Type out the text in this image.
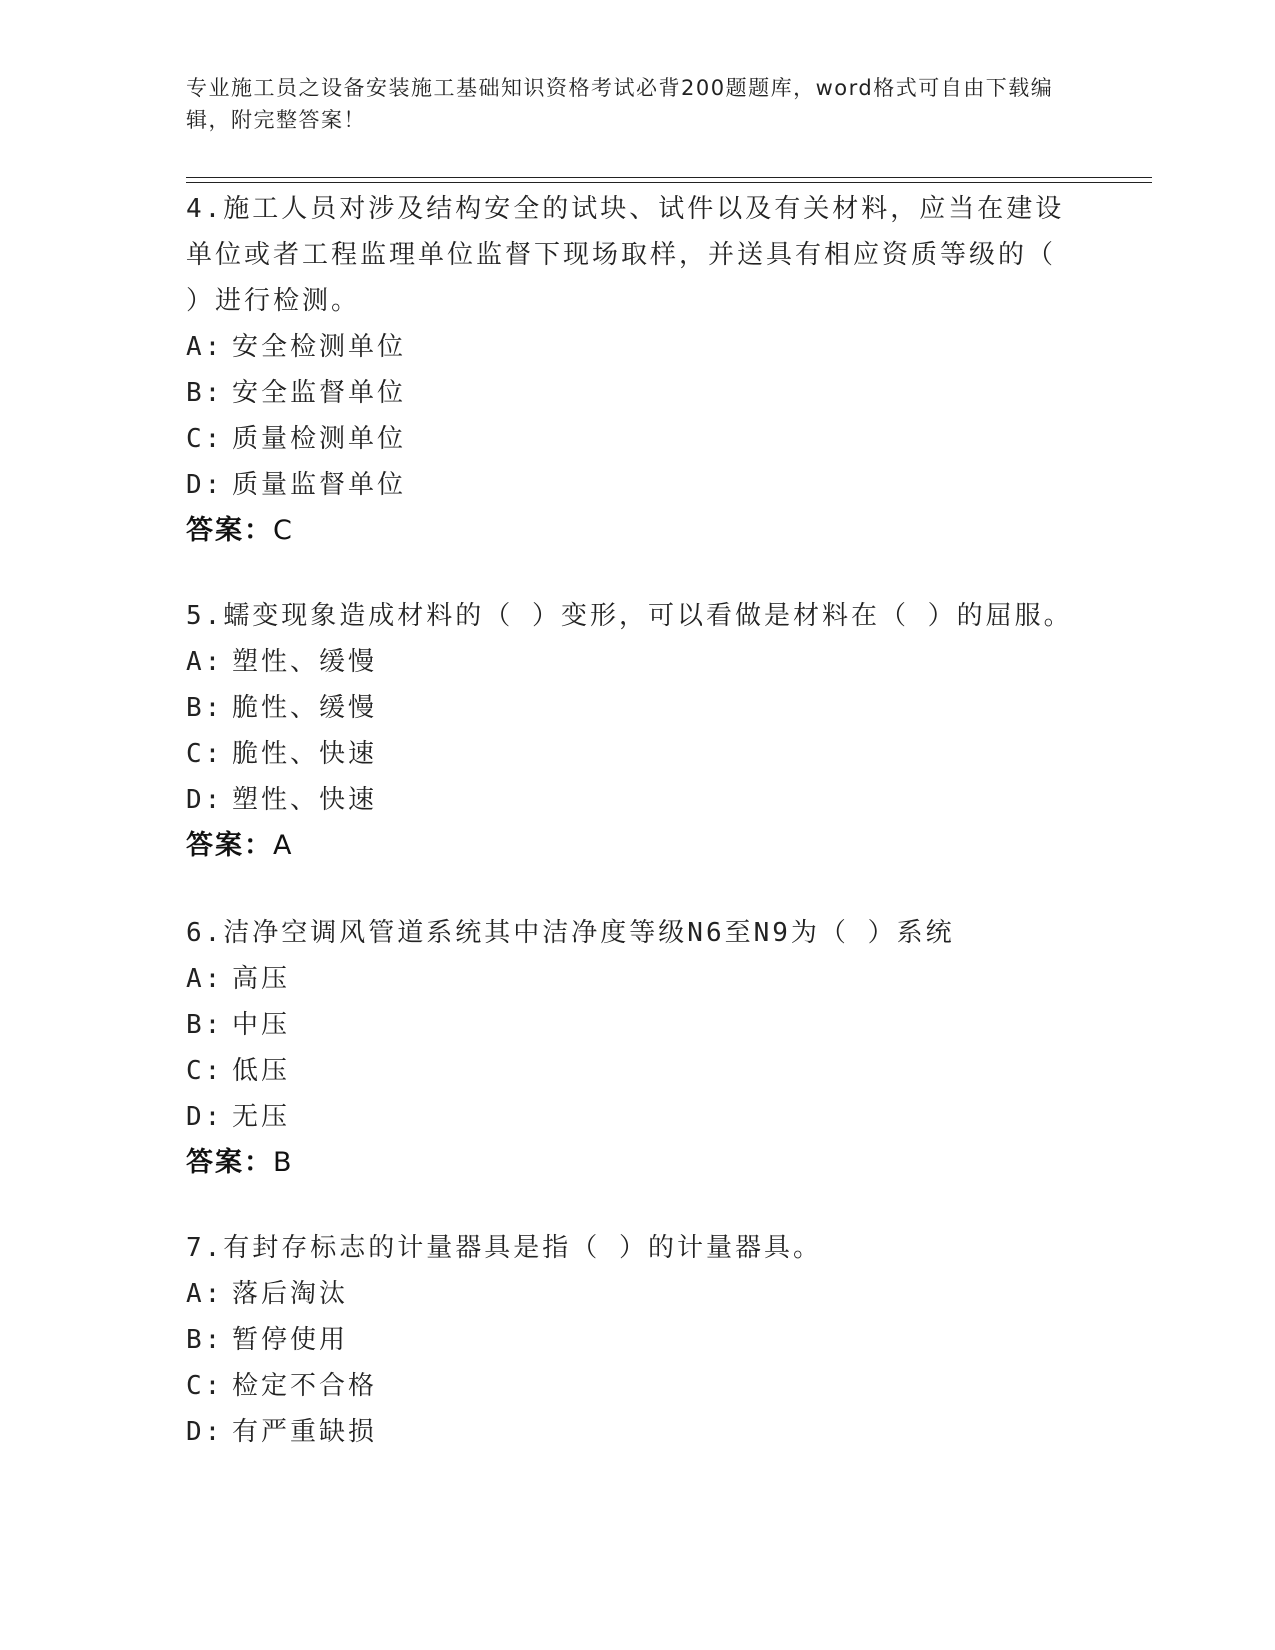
专业施工员之设备安装施工基础知识资格考试必背200题题库，word格式可自由下载编辑，附完整答案！

4.施工人员对涉及结构安全的试块、试件以及有关材料，应当在建设单位或者工程监理单位监督下现场取样，并送具有相应资质等级的（ ）进行检测。

A: 安全检测单位
B: 安全监督单位
C: 质量检测单位
D: 质量监督单位

答案：C

5.蠕变现象造成材料的（ ）变形，可以看做是材料在（ ）的屈服。

A: 塑性、缓慢
B: 脆性、缓慢
C: 脆性、快速
D: 塑性、快速

答案：A

6.洁净空调风管道系统其中洁净度等级N6至N9为（ ）系统

A: 高压
B: 中压
C: 低压
D: 无压

答案：B

7.有封存标志的计量器具是指（ ）的计量器具。

A: 落后淘汰
B: 暂停使用
C: 检定不合格
D: 有严重缺损
